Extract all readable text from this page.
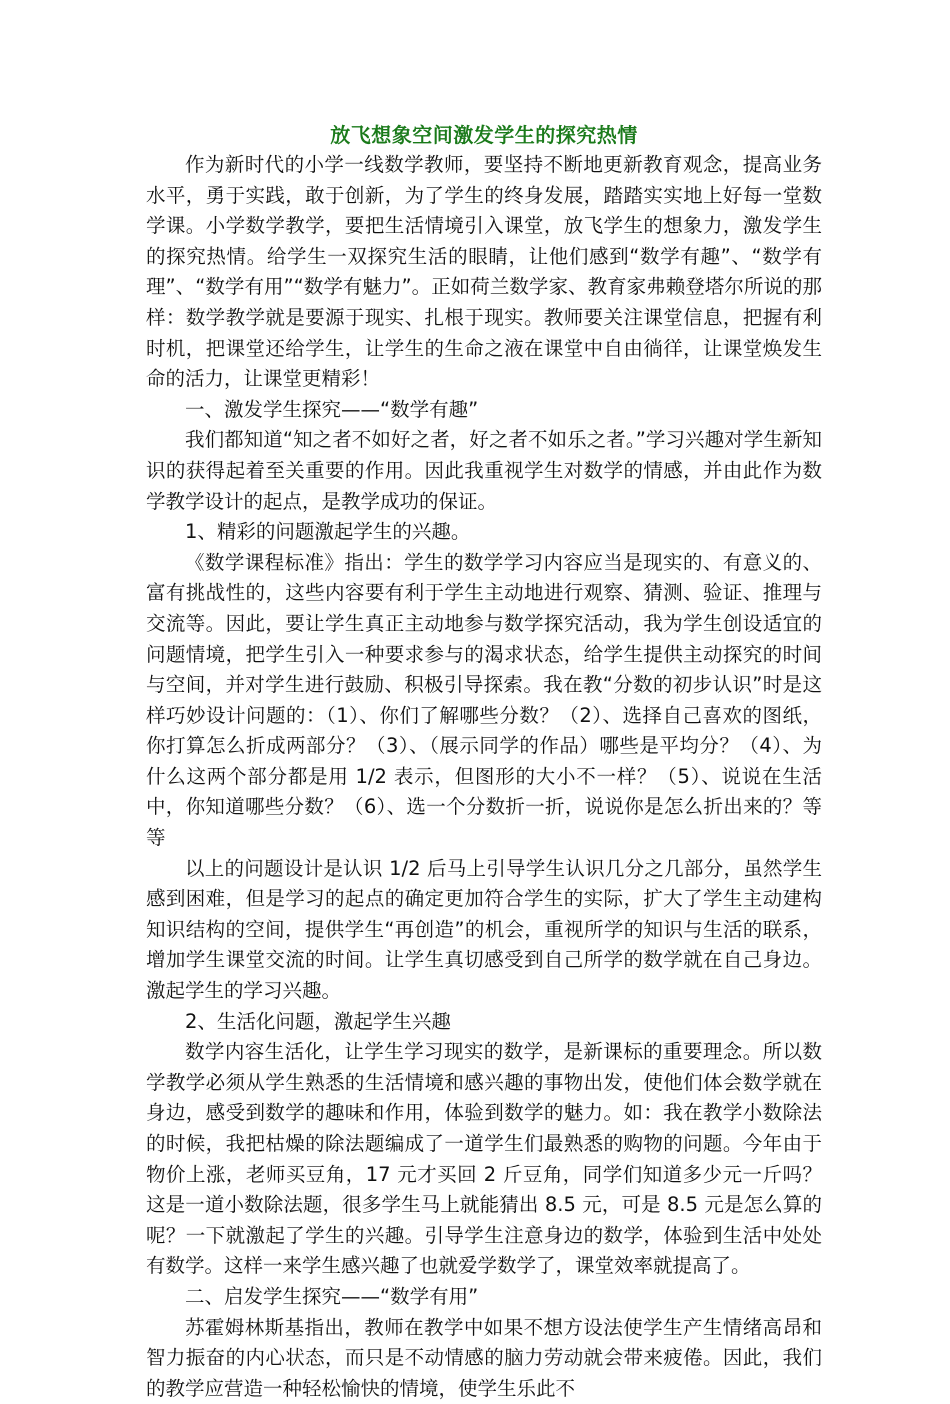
放飞想象空间激发学生的探究热情

作为新时代的小学一线数学教师，要坚持不断地更新教育观念，提高业务水平，勇于实践，敢于创新，为了学生的终身发展，踏踏实实地上好每一堂数学课。小学数学教学，要把生活情境引入课堂，放飞学生的想象力，激发学生的探究热情。给学生一双探究生活的眼睛，让他们感到“数学有趣”、“数学有理”、“数学有用”“数学有魅力”。正如荷兰数学家、教育家弗赖登塔尔所说的那样：数学教学就是要源于现实、扎根于现实。教师要关注课堂信息，把握有利时机，把课堂还给学生，让学生的生命之液在课堂中自由徜徉，让课堂焕发生命的活力，让课堂更精彩！

一、激发学生探究——“数学有趣”

我们都知道“知之者不如好之者，好之者不如乐之者。”学习兴趣对学生新知识的获得起着至关重要的作用。因此我重视学生对数学的情感，并由此作为数学教学设计的起点，是教学成功的保证。

1、精彩的问题激起学生的兴趣。

《数学课程标准》指出：学生的数学学习内容应当是现实的、有意义的、富有挑战性的，这些内容要有利于学生主动地进行观察、猜测、验证、推理与交流等。因此，要让学生真正主动地参与数学探究活动，我为学生创设适宜的问题情境，把学生引入一种要求参与的渴求状态，给学生提供主动探究的时间与空间，并对学生进行鼓励、积极引导探索。我在教“分数的初步认识”时是这样巧妙设计问题的：（1）、你们了解哪些分数？（2）、选择自己喜欢的图纸，你打算怎么折成两部分？（3）、（展示同学的作品）哪些是平均分？（4）、为什么这两个部分都是用 1/2 表示，但图形的大小不一样？（5）、说说在生活中，你知道哪些分数？（6）、选一个分数折一折，说说你是怎么折出来的？等等

以上的问题设计是认识 1/2 后马上引导学生认识几分之几部分，虽然学生感到困难，但是学习的起点的确定更加符合学生的实际，扩大了学生主动建构知识结构的空间，提供学生“再创造”的机会，重视所学的知识与生活的联系，增加学生课堂交流的时间。让学生真切感受到自己所学的数学就在自己身边。激起学生的学习兴趣。

2、生活化问题，激起学生兴趣

数学内容生活化，让学生学习现实的数学，是新课标的重要理念。所以数学教学必须从学生熟悉的生活情境和感兴趣的事物出发，使他们体会数学就在身边，感受到数学的趣味和作用，体验到数学的魅力。如：我在教学小数除法的时候，我把枯燥的除法题编成了一道学生们最熟悉的购物的问题。今年由于物价上涨，老师买豆角，17 元才买回 2 斤豆角，同学们知道多少元一斤吗？这是一道小数除法题，很多学生马上就能猜出 8.5 元，可是 8.5 元是怎么算的呢？一下就激起了学生的兴趣。引导学生注意身边的数学，体验到生活中处处有数学。这样一来学生感兴趣了也就爱学数学了，课堂效率就提高了。

二、启发学生探究——“数学有用”

苏霍姆林斯基指出，教师在教学中如果不想方设法使学生产生情绪高昂和智力振奋的内心状态，而只是不动情感的脑力劳动就会带来疲倦。因此，我们的教学应营造一种轻松愉快的情境，使学生乐此不
